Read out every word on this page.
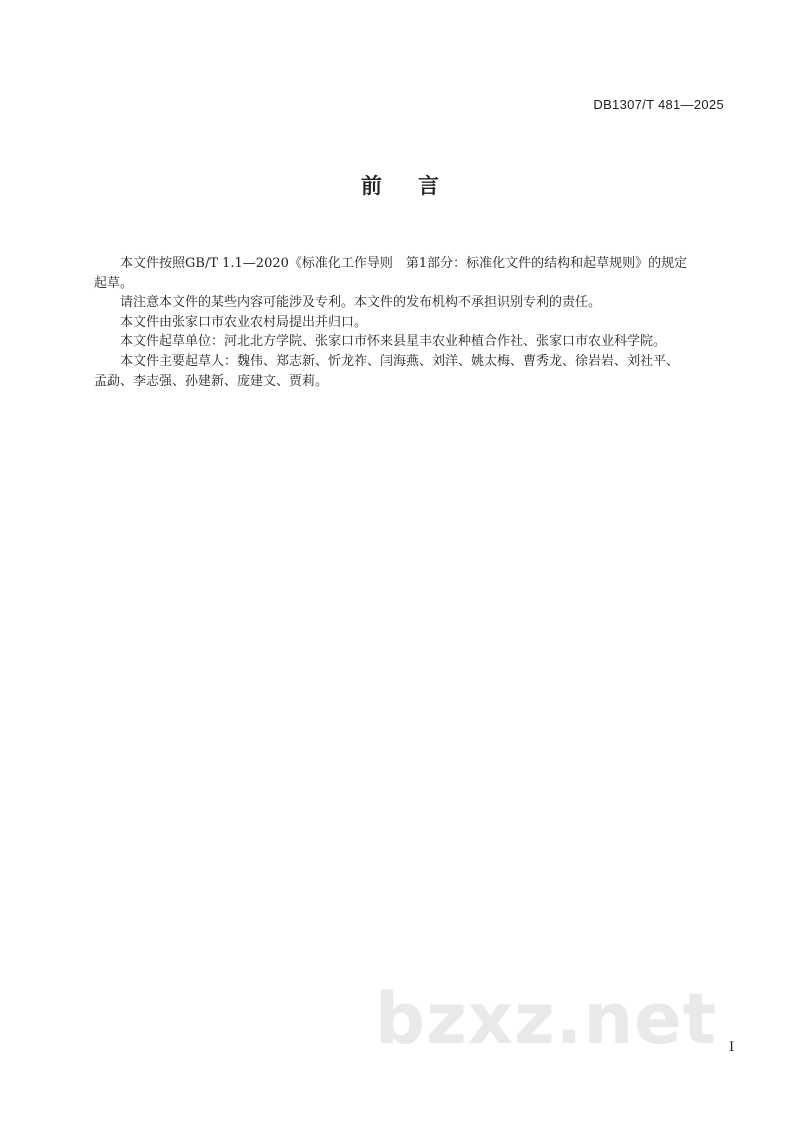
DB1307/T 481—2025
前言

本文件按照GB/T 1.1—2020《标准化工作导则　第1部分：标准化文件的结构和起草规则》的规定
起草。

请注意本文件的某些内容可能涉及专利。本文件的发布机构不承担识别专利的责任。

本文件由张家口市农业农村局提出并归口。

本文件起草单位：河北北方学院、张家口市怀来县星丰农业种植合作社、张家口市农业科学院。

本文件主要起草人：魏伟、郑志新、忻龙祚、闫海燕、刘洋、姚太梅、曹秀龙、徐岩岩、刘社平、
孟勐、李志强、孙建新、庞建文、贾莉。

bzxz.net I
